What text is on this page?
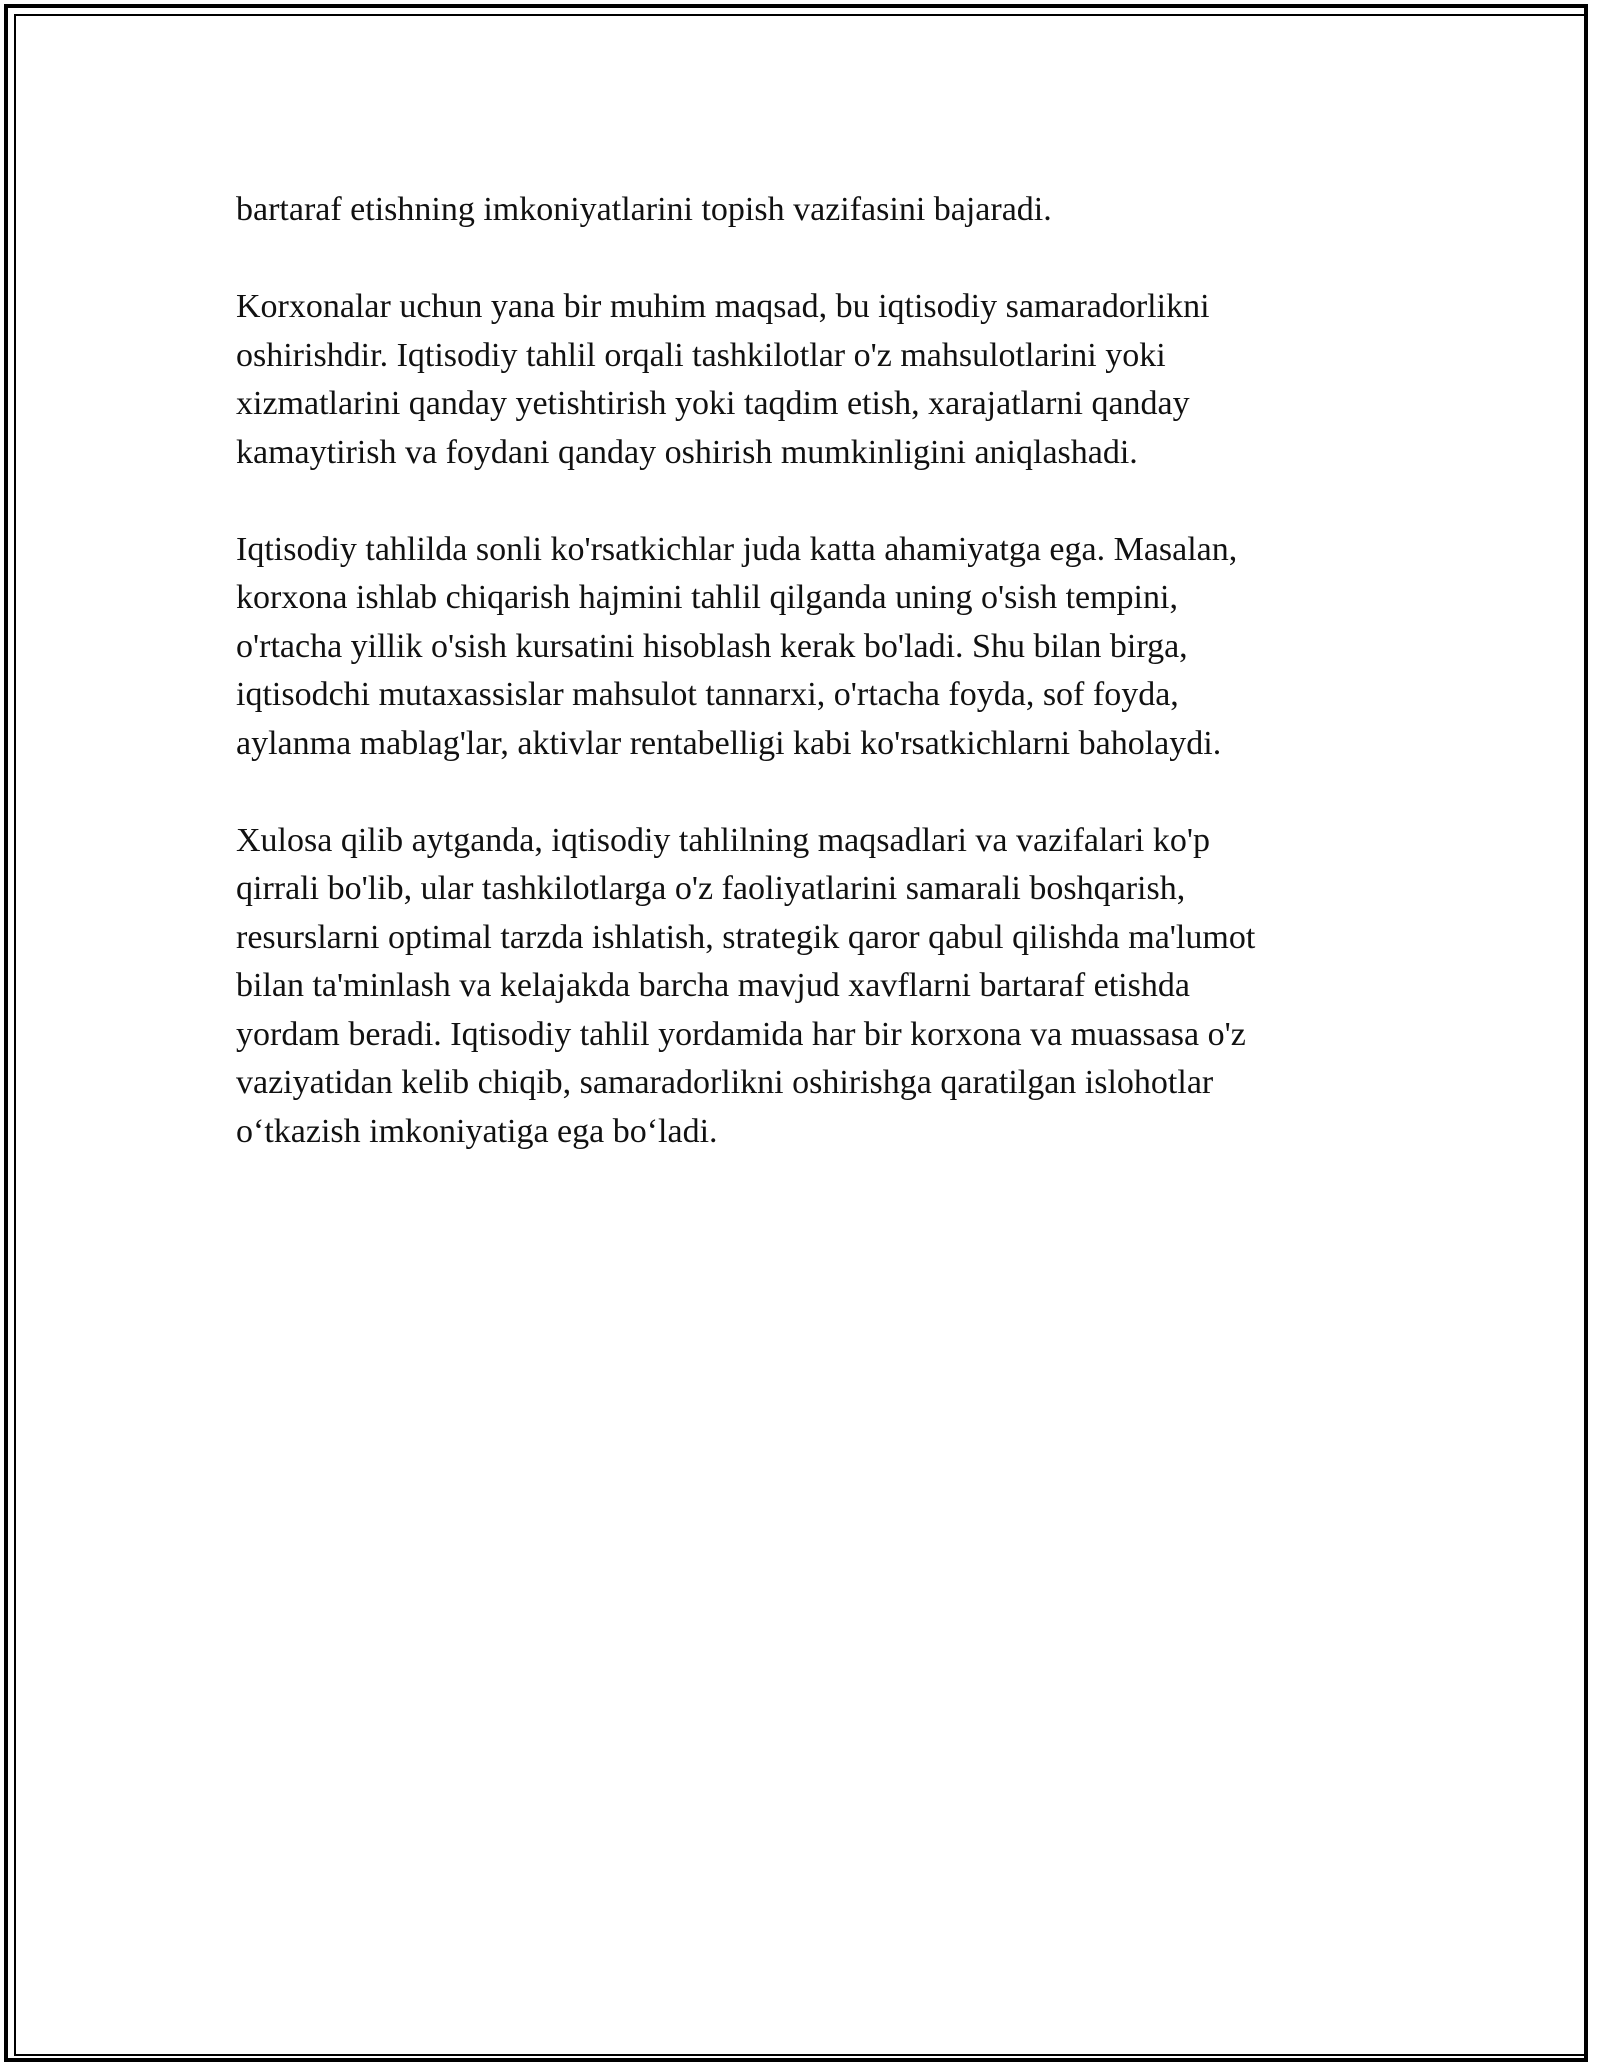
bartaraf etishning imkoniyatlarini topish vazifasini bajaradi.

Korxonalar uchun yana bir muhim maqsad, bu iqtisodiy samaradorlikni
oshirishdir. Iqtisodiy tahlil orqali tashkilotlar o'z mahsulotlarini yoki
xizmatlarini qanday yetishtirish yoki taqdim etish, xarajatlarni qanday
kamaytirish va foydani qanday oshirish mumkinligini aniqlashadi.

Iqtisodiy tahlilda sonli ko'rsatkichlar juda katta ahamiyatga ega. Masalan,
korxona ishlab chiqarish hajmini tahlil qilganda uning o'sish tempini,
o'rtacha yillik o'sish kursatini hisoblash kerak bo'ladi. Shu bilan birga,
iqtisodchi mutaxassislar mahsulot tannarxi, o'rtacha foyda, sof foyda,
aylanma mablag'lar, aktivlar rentabelligi kabi ko'rsatkichlarni baholaydi.

Xulosa qilib aytganda, iqtisodiy tahlilning maqsadlari va vazifalari ko'p
qirrali bo'lib, ular tashkilotlarga o'z faoliyatlarini samarali boshqarish,
resurslarni optimal tarzda ishlatish, strategik qaror qabul qilishda ma'lumot
bilan ta'minlash va kelajakda barcha mavjud xavflarni bartaraf etishda
yordam beradi. Iqtisodiy tahlil yordamida har bir korxona va muassasa o'z
vaziyatidan kelib chiqib, samaradorlikni oshirishga qaratilgan islohotlar
o‘tkazish imkoniyatiga ega bo‘ladi.
